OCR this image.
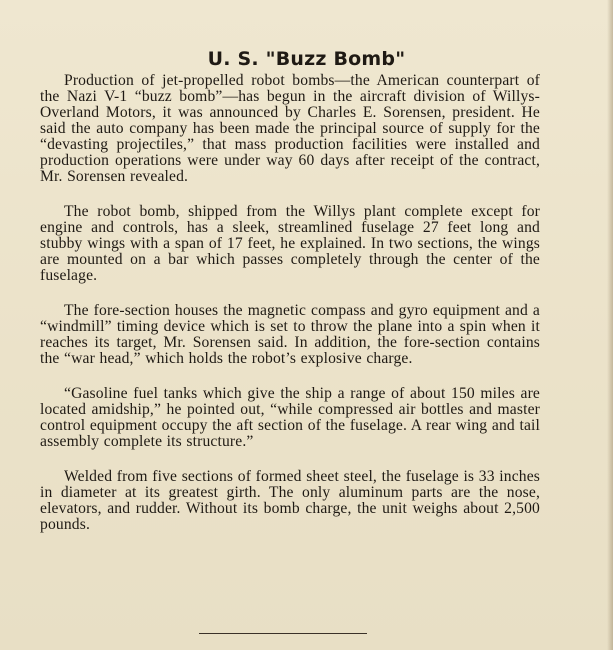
U. S. "Buzz Bomb"

Production of jet-propelled robot bombs—the American counterpart of the Nazi V-1 “buzz bomb”—has begun in the aircraft division of Willys-Overland Motors, it was announced by Charles E. Sorensen, president. He said the auto company has been made the principal source of supply for the “devasting projectiles,” that mass production facilities were installed and production operations were under way 60 days after receipt of the contract, Mr. Sorensen revealed.

The robot bomb, shipped from the Willys plant complete except for engine and controls, has a sleek, streamlined fuselage 27 feet long and stubby wings with a span of 17 feet, he explained. In two sections, the wings are mounted on a bar which passes completely through the center of the fuselage.

The fore-section houses the magnetic compass and gyro equipment and a “windmill” timing device which is set to throw the plane into a spin when it reaches its target, Mr. Sorensen said. In addition, the fore-section contains the “war head,” which holds the robot’s explosive charge.

“Gasoline fuel tanks which give the ship a range of about 150 miles are located amidship,” he pointed out, “while compressed air bottles and master control equipment occupy the aft section of the fuselage. A rear wing and tail assembly complete its structure.”

Welded from five sections of formed sheet steel, the fuselage is 33 inches in diameter at its greatest girth. The only aluminum parts are the nose, elevators, and rudder. Without its bomb charge, the unit weighs about 2,500 pounds.
